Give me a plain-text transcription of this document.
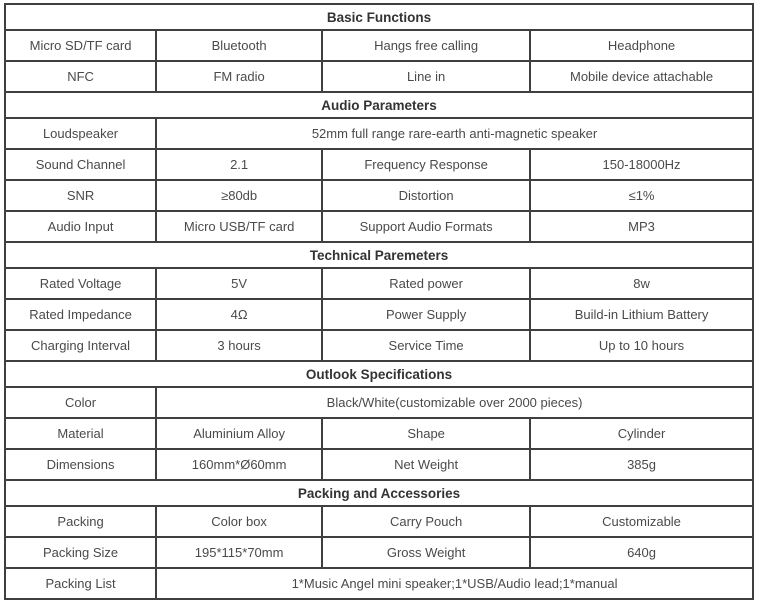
Basic Functions			
Micro SD/TF card	Bluetooth	Hangs free calling	Headphone
NFC	FM radio	Line in	Mobile device attachable
Audio Parameters			
Loudspeaker	52mm full range rare-earth anti-magnetic speaker		
Sound Channel	2.1	Frequency Response	150-18000Hz
SNR	≥80db	Distortion	≤1%
Audio Input	Micro USB/TF card	Support Audio Formats	MP3
Technical Paremeters			
Rated Voltage	5V	Rated power	8w
Rated Impedance	4Ω	Power Supply	Build-in Lithium Battery
Charging Interval	3 hours	Service Time	Up to 10 hours
Outlook Specifications			
Color	Black/White(customizable over 2000 pieces)		
Material	Aluminium Alloy	Shape	Cylinder
Dimensions	160mm*Ø60mm	Net Weight	385g
Packing and Accessories			
Packing	Color box	Carry Pouch	Customizable
Packing Size	195*115*70mm	Gross Weight	640g
Packing List	1*Music Angel mini speaker;1*USB/Audio lead;1*manual		
